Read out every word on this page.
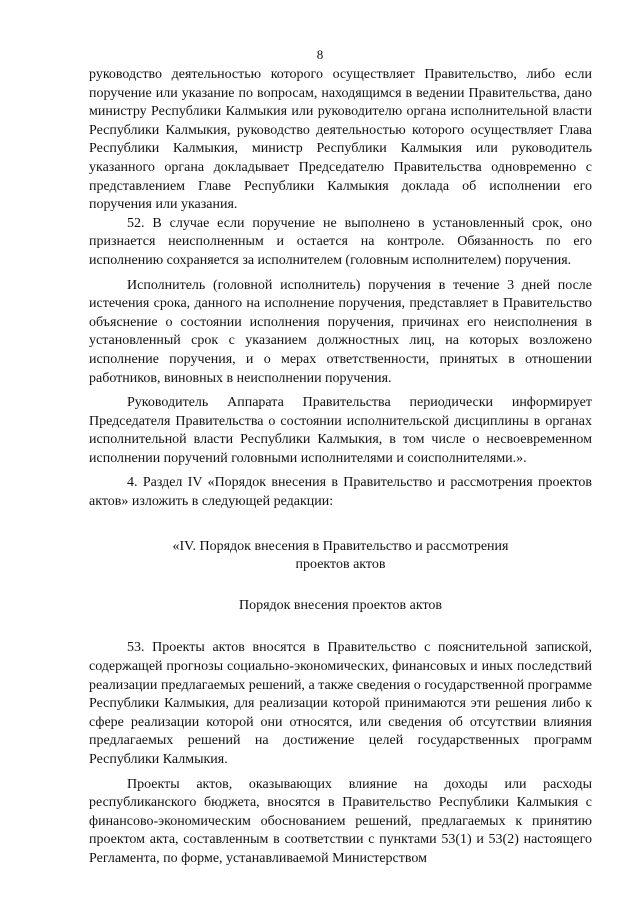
8

руководство деятельностью которого осуществляет Правительство, либо если поручение или указание по вопросам, находящимся в ведении Правительства, дано министру Республики Калмыкия или руководителю органа исполнительной власти Республики Калмыкия, руководство деятельностью которого осуществляет Глава Республики Калмыкия, министр Республики Калмыкия или руководитель указанного органа докладывает Председателю Правительства одновременно с представлением Главе Республики Калмыкия доклада об исполнении его поручения или указания.

52. В случае если поручение не выполнено в установленный срок, оно признается неисполненным и остается на контроле. Обязанность по его исполнению сохраняется за исполнителем (головным исполнителем) поручения.

Исполнитель (головной исполнитель) поручения в течение 3 дней после истечения срока, данного на исполнение поручения, представляет в Правительство объяснение о состоянии исполнения поручения, причинах его неисполнения в установленный срок с указанием должностных лиц, на которых возложено исполнение поручения, и о мерах ответственности, принятых в отношении работников, виновных в неисполнении поручения.

Руководитель Аппарата Правительства периодически информирует Председателя Правительства о состоянии исполнительской дисциплины в органах исполнительной власти Республики Калмыкия, в том числе о несвоевременном исполнении поручений головными исполнителями и соисполнителями.».

4. Раздел IV «Порядок внесения в Правительство и рассмотрения проектов актов» изложить в следующей редакции:

«IV. Порядок внесения в Правительство и рассмотрения

проектов актов

Порядок внесения проектов актов

53. Проекты актов вносятся в Правительство с пояснительной запиской, содержащей прогнозы социально-экономических, финансовых и иных последствий реализации предлагаемых решений, а также сведения о государственной программе Республики Калмыкия, для реализации которой принимаются эти решения либо к сфере реализации которой они относятся, или сведения об отсутствии влияния предлагаемых решений на достижение целей государственных программ Республики Калмыкия.

Проекты актов, оказывающих влияние на доходы или расходы республиканского бюджета, вносятся в Правительство Республики Калмыкия с финансово-экономическим обоснованием решений, предлагаемых к принятию проектом акта, составленным в соответствии с пунктами 53(1) и 53(2) настоящего Регламента, по форме, устанавливаемой Министерством
